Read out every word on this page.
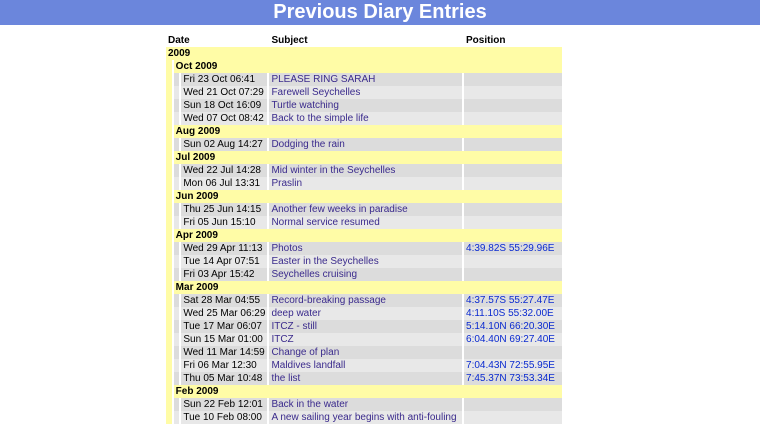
Previous Diary Entries
Date			Subject	Position
2009				
	Oct 2009			
		Fri 23 Oct 06:41	PLEASE RING SARAH	
		Wed 21 Oct 07:29	Farewell Seychelles	
		Sun 18 Oct 16:09	Turtle watching	
		Wed 07 Oct 08:42	Back to the simple life	
	Aug 2009			
		Sun 02 Aug 14:27	Dodging the rain	
	Jul 2009			
		Wed 22 Jul 14:28	Mid winter in the Seychelles	
		Mon 06 Jul 13:31	Praslin	
	Jun 2009			
		Thu 25 Jun 14:15	Another few weeks in paradise	
		Fri 05 Jun 15:10	Normal service resumed	
	Apr 2009			
		Wed 29 Apr 11:13	Photos	4:39.82S 55:29.96E
		Tue 14 Apr 07:51	Easter in the Seychelles	
		Fri 03 Apr 15:42	Seychelles cruising	
	Mar 2009			
		Sat 28 Mar 04:55	Record-breaking passage	4:37.57S 55:27.47E
		Wed 25 Mar 06:29	deep water	4:11.10S 55:32.00E
		Tue 17 Mar 06:07	ITCZ - still	5:14.10N 66:20.30E
		Sun 15 Mar 01:00	ITCZ	6:04.40N 69:27.40E
		Wed 11 Mar 14:59	Change of plan	
		Fri 06 Mar 12:30	Maldives landfall	7:04.43N 72:55.95E
		Thu 05 Mar 10:48	the list	7:45.37N 73:53.34E
	Feb 2009			
		Sun 22 Feb 12:01	Back in the water	
		Tue 10 Feb 08:00	A new sailing year begins with anti-fouling	
